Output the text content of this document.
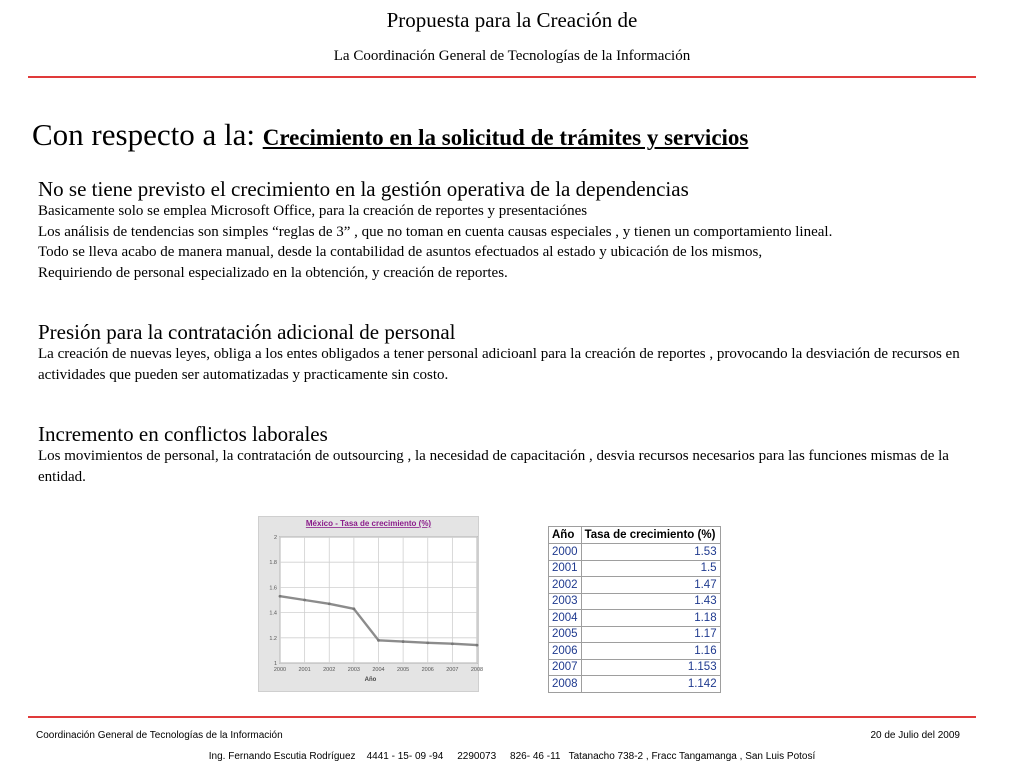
Propuesta para la Creación de
La Coordinación General de Tecnologías de la Información
Con respecto a la: Crecimiento en la solicitud de trámites y servicios
No se tiene previsto el crecimiento en la gestión operativa de la dependencias
Basicamente solo se emplea Microsoft Office, para la creación de reportes y presentaciónes
Los análisis de tendencias son simples “reglas de 3” , que no toman en cuenta causas especiales , y tienen un comportamiento lineal.
Todo se lleva acabo de manera manual, desde la contabilidad de asuntos efectuados al estado y ubicación de los mismos,
Requiriendo de personal especializado en la obtención, y creación de reportes.
Presión para la contratación adicional de personal
La creación de nuevas leyes, obliga a los entes obligados a tener personal adicioanl para la creación de reportes , provocando la desviación de recursos en actividades que pueden ser automatizadas y practicamente sin costo.
Incremento en conflictos laborales
Los movimientos de personal, la contratación de outsourcing , la necesidad de capacitación , desvia recursos necesarios para las funciones mismas de la entidad.
México - Tasa de crecimiento (%)
1
1.2
1.4
1.6
1.8
2
2000 2001 2002 2003 2004 2005 2006 2007 2008
Año
Año	Tasa de crecimiento (%)
2000	1.53
2001	1.5
2002	1.47
2003	1.43
2004	1.18
2005	1.17
2006	1.16
2007	1.153
2008	1.142
Coordinación General de Tecnologías de la Información	20 de Julio del 2009
Ing. Fernando Escutia Rodríguez    4441 - 15- 09 -94     2290073     826- 46 -11   Tatanacho 738-2 , Fracc Tangamanga , San Luis Potosí
